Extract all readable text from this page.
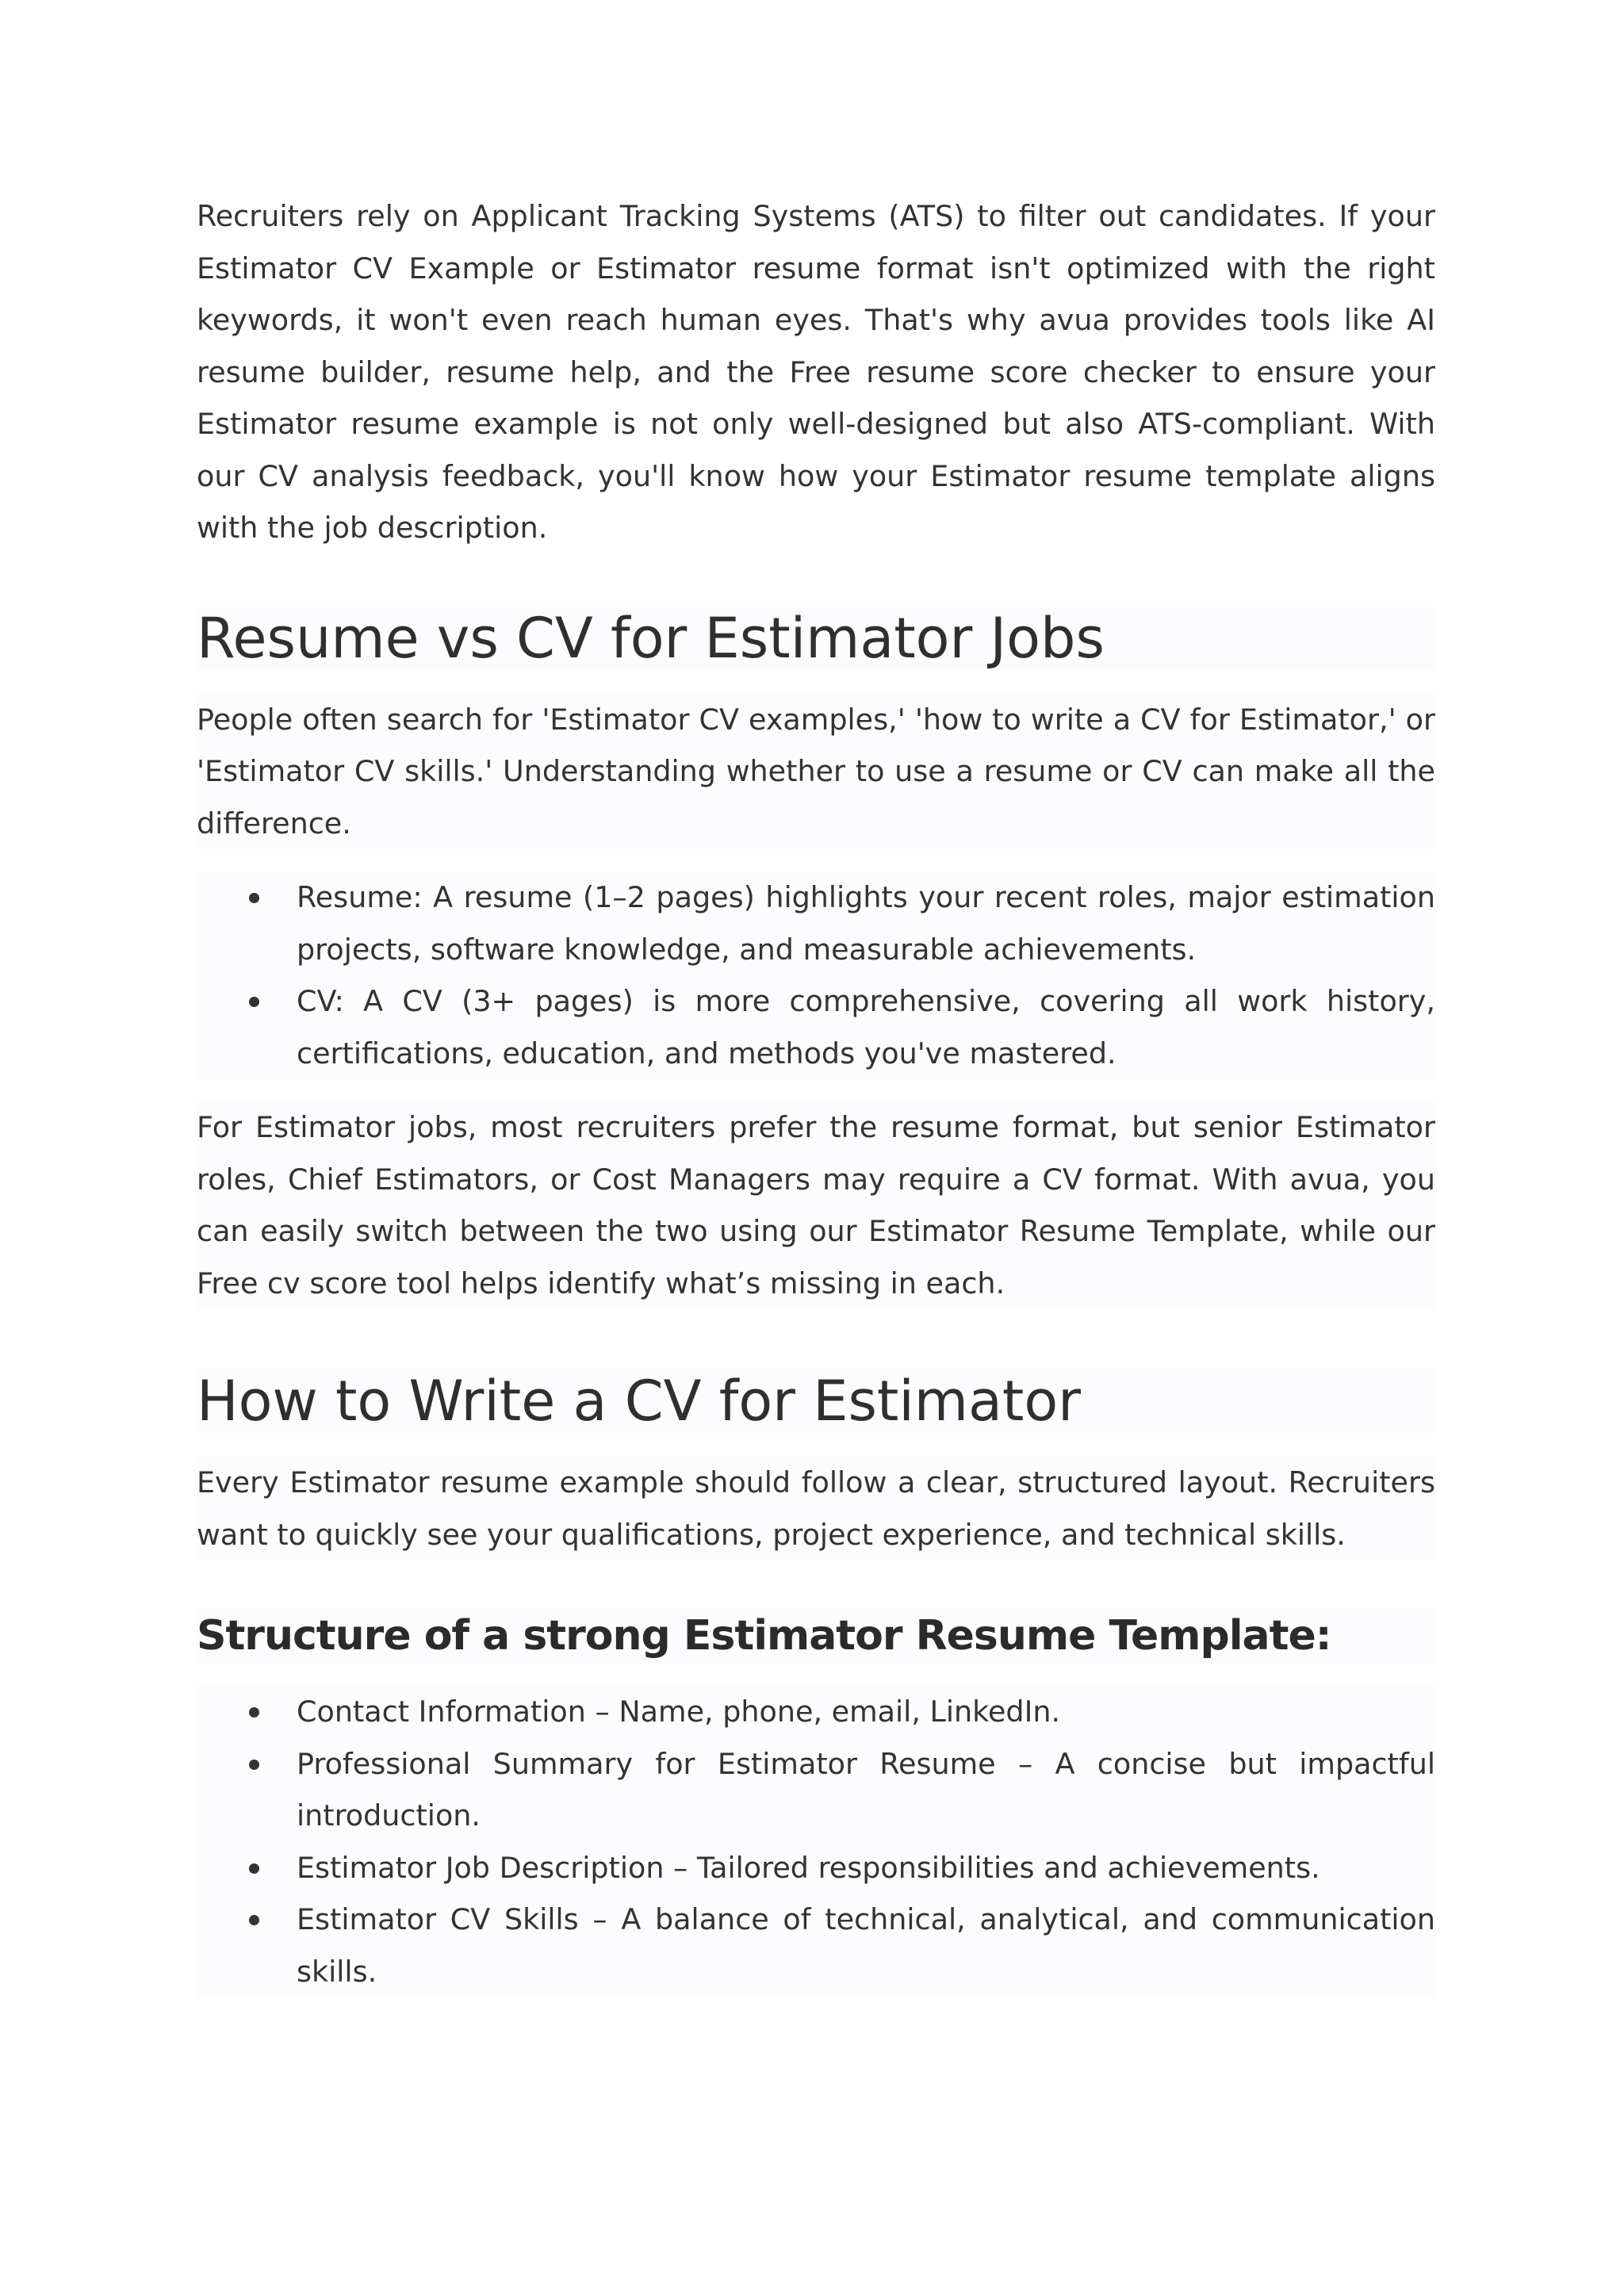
Recruiters rely on Applicant Tracking Systems (ATS) to filter out candidates. If your Estimator CV Example or Estimator resume format isn't optimized with the right keywords, it won't even reach human eyes. That's why avua provides tools like AI resume builder, resume help, and the Free resume score checker to ensure your Estimator resume example is not only well-designed but also ATS-compliant. With our CV analysis feedback, you'll know how your Estimator resume template aligns with the job description.

Resume vs CV for Estimator Jobs

People often search for 'Estimator CV examples,' 'how to write a CV for Estimator,' or 'Estimator CV skills.' Understanding whether to use a resume or CV can make all the difference.

Resume: A resume (1–2 pages) highlights your recent roles, major estimation projects, software knowledge, and measurable achievements.
CV: A CV (3+ pages) is more comprehensive, covering all work history, certifications, education, and methods you've mastered.

For Estimator jobs, most recruiters prefer the resume format, but senior Estimator roles, Chief Estimators, or Cost Managers may require a CV format. With avua, you can easily switch between the two using our Estimator Resume Template, while our Free cv score tool helps identify what’s missing in each.

How to Write a CV for Estimator

Every Estimator resume example should follow a clear, structured layout. Recruiters want to quickly see your qualifications, project experience, and technical skills.

Structure of a strong Estimator Resume Template:
Contact Information – Name, phone, email, LinkedIn.
Professional Summary for Estimator Resume – A concise but impactful introduction.
Estimator Job Description – Tailored responsibilities and achievements.
Estimator CV Skills – A balance of technical, analytical, and communication skills.
